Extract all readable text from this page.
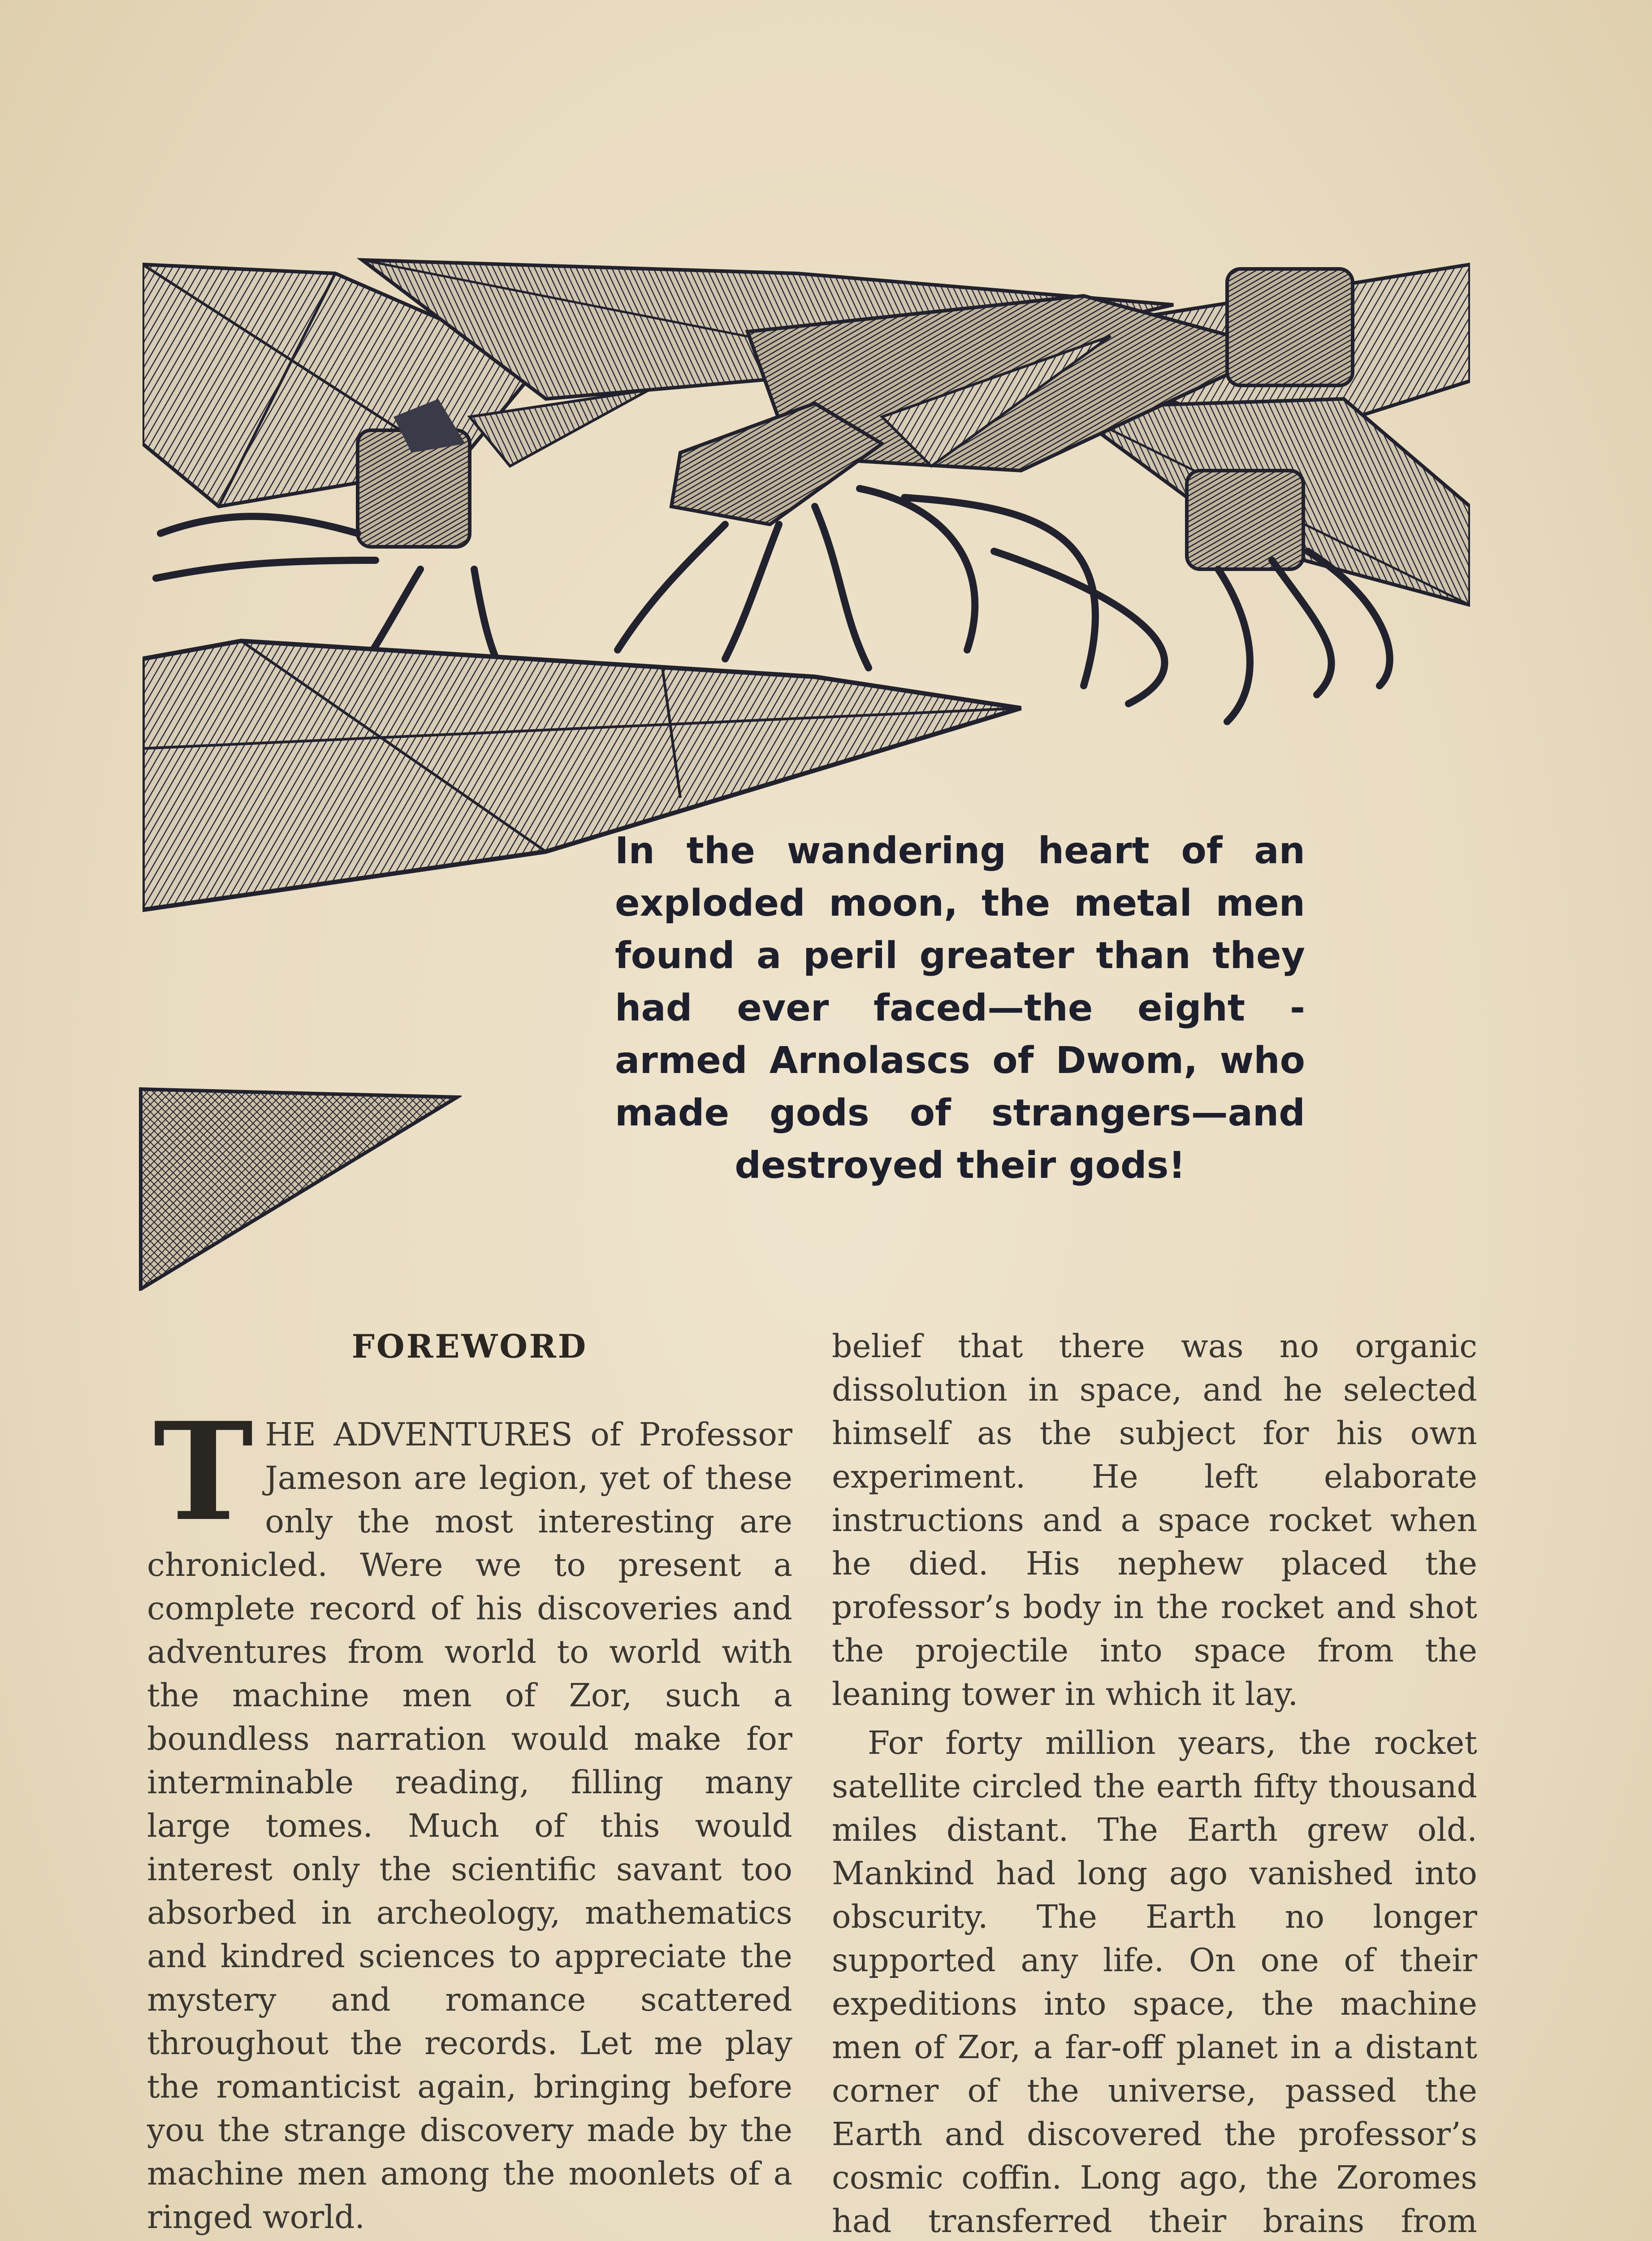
In the wandering heart of an exploded moon, the metal men found a peril greater than they had ever faced—the eight - armed Arnolascs of Dwom, who made gods of strangers—and destroyed their gods!
FOREWORD

THE ADVENTURES of Professor Jameson are legion, yet of these only the most interesting are chronicled. Were we to present a complete record of his discoveries and adventures from world to world with the machine men of Zor, such a boundless narration would make for interminable reading, filling many large tomes. Much of this would interest only the scientific savant too absorbed in archeology, mathematics and kindred sciences to appreciate the mystery and romance scattered throughout the records. Let me play the romanticist again, bringing before you the strange discovery made by the machine men among the moonlets of a ringed world.

belief that there was no organic dissolution in space, and he selected himself as the subject for his own experiment. He left elaborate instructions and a space rocket when he died. His nephew placed the professor’s body in the rocket and shot the projectile into space from the leaning tower in which it lay.

For forty million years, the rocket satellite circled the earth fifty thousand miles distant. The Earth grew old. Mankind had long ago vanished into obscurity. The Earth no longer supported any life. On one of their expeditions into space, the machine men of Zor, a far-off planet in a distant corner of the universe, passed the Earth and discovered the professor’s cosmic coffin. Long ago, the Zoromes had transferred their brains from
